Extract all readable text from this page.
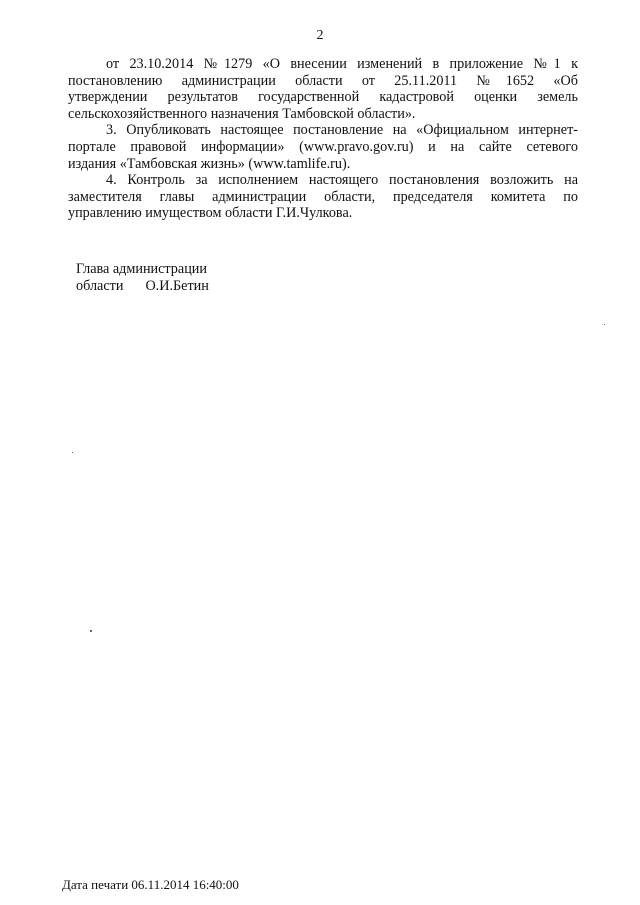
2
от 23.10.2014 №1279 «О внесении изменений в приложение №1 к
постановлению администрации области от 25.11.2011 №1652 «Об
утверждении результатов государственной кадастровой оценки земель
сельскохозяйственного назначения Тамбовской области».
3. Опубликовать настоящее постановление на «Официальном интернет-
портале правовой информации» (www.pravo.gov.ru) и на сайте сетевого
издания «Тамбовская жизнь» (www.tamlife.ru).
4. Контроль за исполнением настоящего постановления возложить на
заместителя главы администрации области, председателя комитета по
управлению имуществом области Г.И.Чулкова.
Глава администрации
области О.И.Бетин
Дата печати 06.11.2014 16:40:00
